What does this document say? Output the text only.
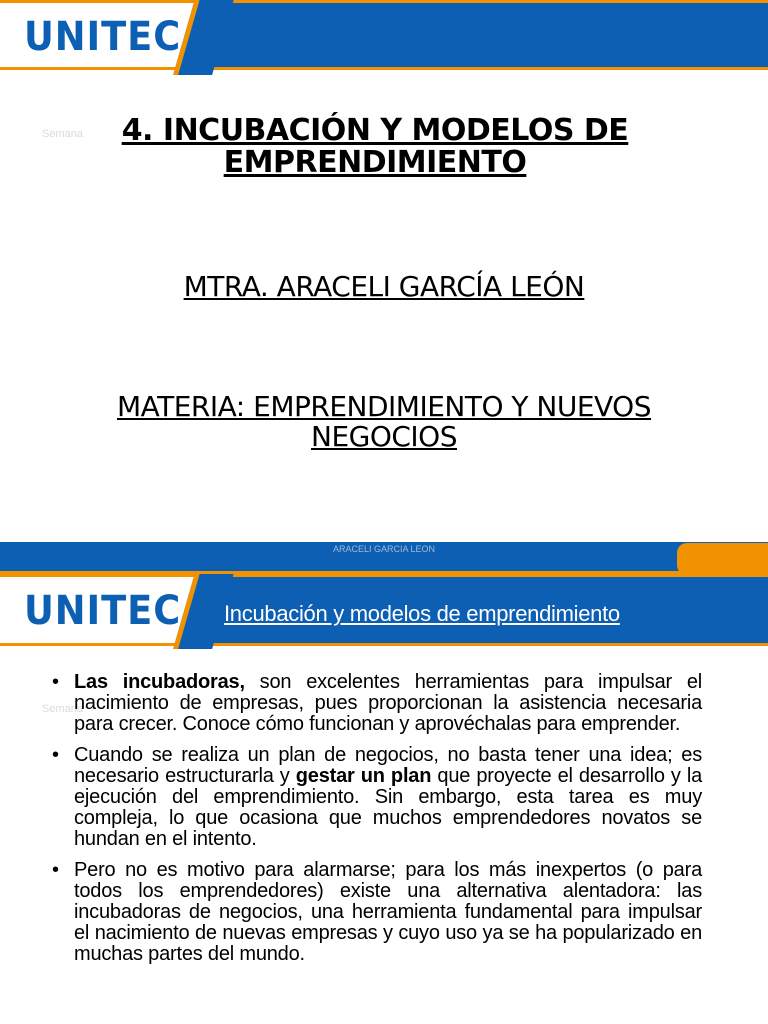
UNITEC
Semana	4. INCUBACIÓN Y MODELOS DE EMPRENDIMIENTO
MTRA. ARACELI GARCÍA LEÓN
MATERIA: EMPRENDIMIENTO Y NUEVOS NEGOCIOS
ARACELI GARCIA LEON
UNITEC Incubación y modelos de emprendimiento
Semana
• Las incubadoras, son excelentes herramientas para impulsar el nacimiento de empresas, pues proporcionan la asistencia necesaria para crecer. Conoce cómo funcionan y aprovéchalas para emprender.
• Cuando se realiza un plan de negocios, no basta tener una idea; es necesario estructurarla y gestar un plan que proyecte el desarrollo y la ejecución del emprendimiento. Sin embargo, esta tarea es muy compleja, lo que ocasiona que muchos emprendedores novatos se hundan en el intento.
• Pero no es motivo para alarmarse; para los más inexpertos (o para todos los emprendedores) existe una alternativa alentadora: las incubadoras de negocios, una herramienta fundamental para impulsar el nacimiento de nuevas empresas y cuyo uso ya se ha popularizado en muchas partes del mundo.
